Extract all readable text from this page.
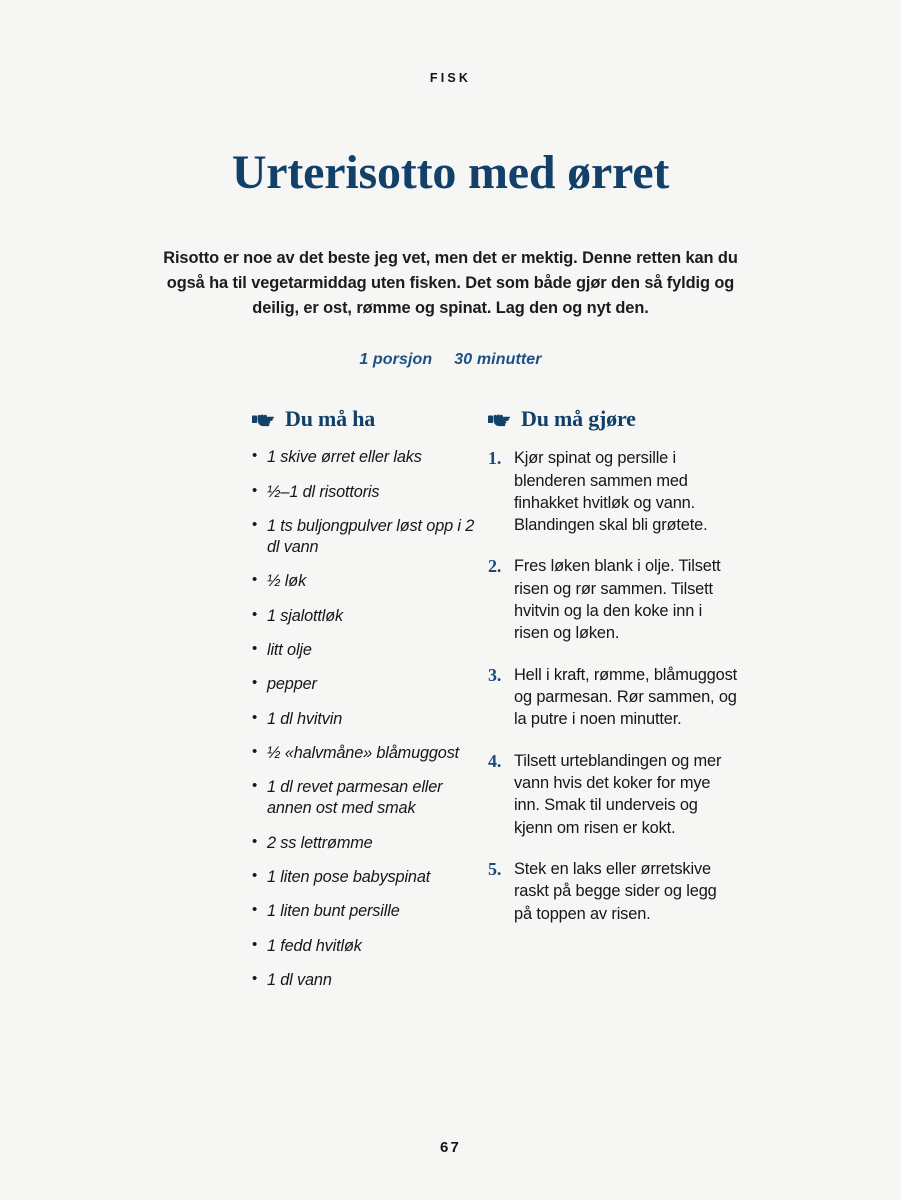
FISK
Urterisotto med ørret

Risotto er noe av det beste jeg vet, men det er mektig. Denne retten kan du også ha til vegetarmiddag uten fisken. Det som både gjør den så fyldig og deilig, er ost, rømme og spinat. Lag den og nyt den.

1 porsjon 30 minutter
Du må ha
• 1 skive ørret eller laks
• ½–1 dl risottoris
• 1 ts buljongpulver løst opp i 2 dl vann
• ½ løk
• 1 sjalottløk
• litt olje
• pepper
• 1 dl hvitvin
• ½ «halvmåne» blåmuggost
• 1 dl revet parmesan eller annen ost med smak
• 2 ss lettrømme
• 1 liten pose babyspinat
• 1 liten bunt persille
• 1 fedd hvitløk
• 1 dl vann
Du må gjøre
1. Kjør spinat og persille i blenderen sammen med finhakket hvitløk og vann. Blandingen skal bli grøtete.
2. Fres løken blank i olje. Tilsett risen og rør sammen. Tilsett hvitvin og la den koke inn i risen og løken.
3. Hell i kraft, rømme, blåmuggost og parmesan. Rør sammen, og la putre i noen minutter.
4. Tilsett urteblandingen og mer vann hvis det koker for mye inn. Smak til underveis og kjenn om risen er kokt.
5. Stek en laks eller ørretskive raskt på begge sider og legg på toppen av risen.
67
